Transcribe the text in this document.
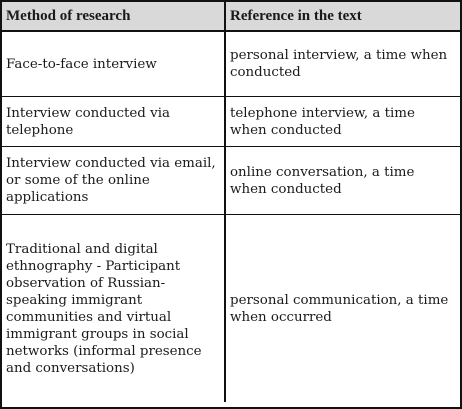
Method of research	Reference in the text
Face-to-face interview
personal interview, a time when conducted
Interview conducted via telephone
telephone interview, a time when conducted
Interview conducted via email, or some of the online applications
online conversation, a time when conducted
Traditional and digital ethnography - Participant observation of Russian-speaking immigrant communities and virtual immigrant groups in social networks (informal presence and conversations)
personal communication, a time when occurred
